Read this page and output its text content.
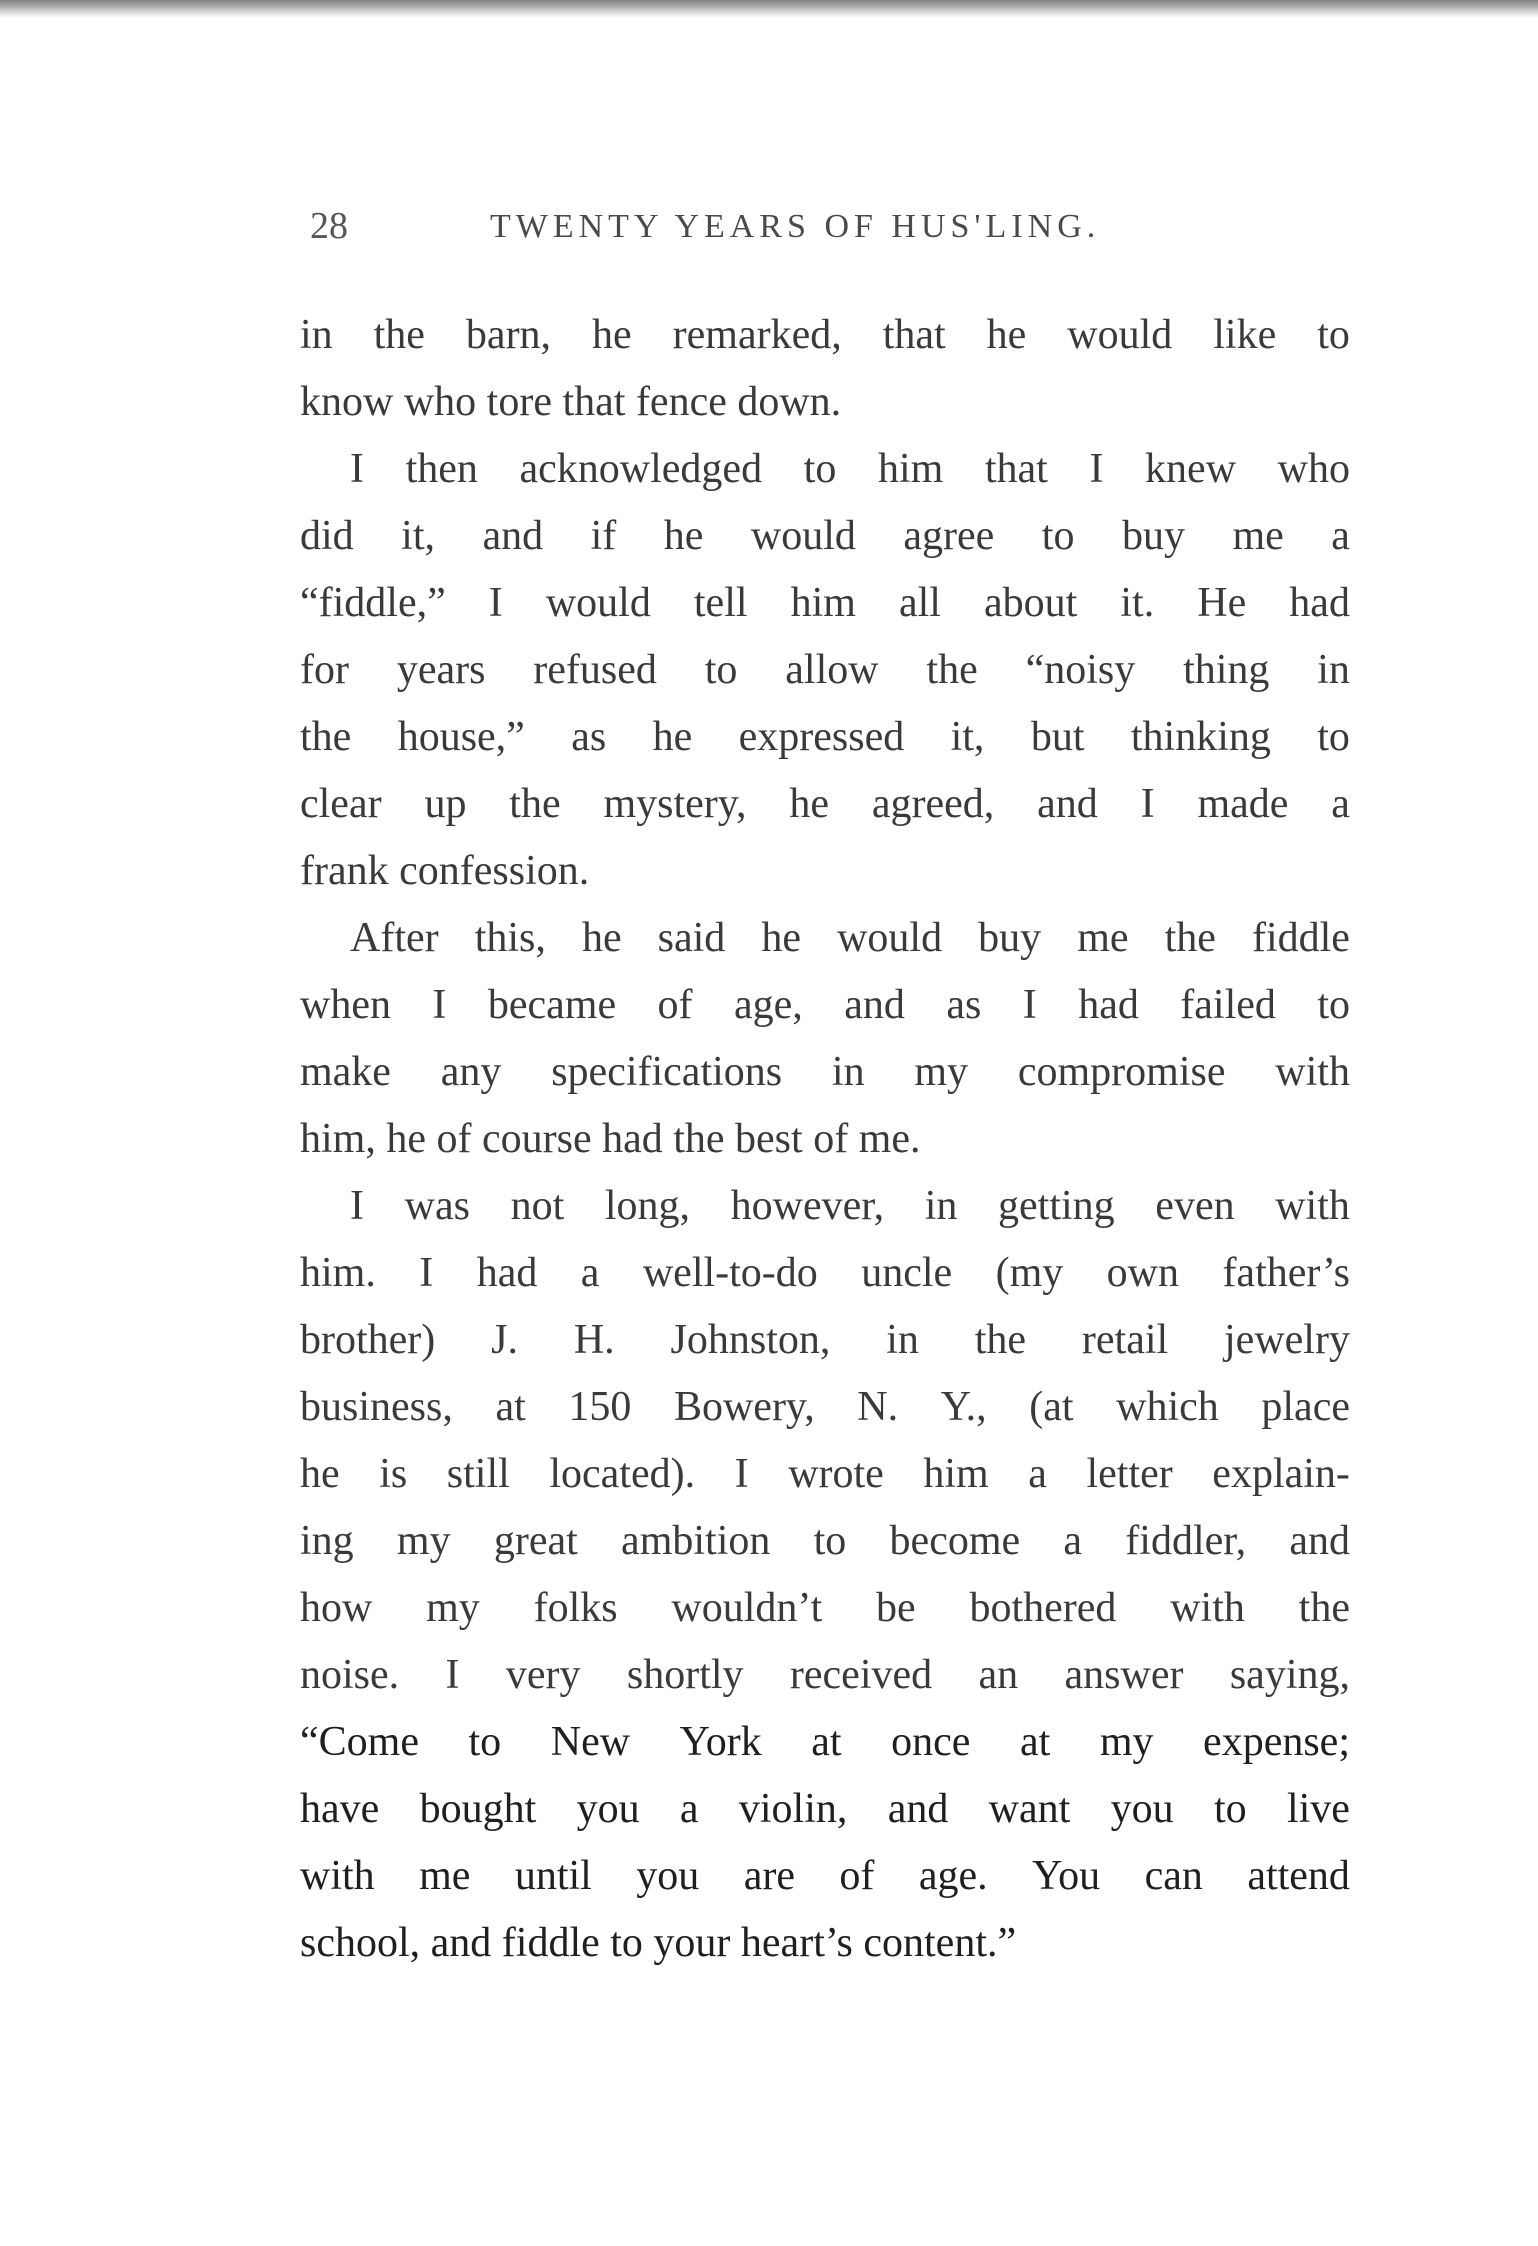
28	TWENTY YEARS OF HUS'LING.
in the barn, he remarked, that he would like to
know who tore that fence down.
I then acknowledged to him that I knew who
did it, and if he would agree to buy me a
“fiddle,” I would tell him all about it. He had
for years refused to allow the “noisy thing in
the house,” as he expressed it, but thinking to
clear up the mystery, he agreed, and I made a
frank confession.
After this, he said he would buy me the fiddle
when I became of age, and as I had failed to
make any specifications in my compromise with
him, he of course had the best of me.
I was not long, however, in getting even with
him. I had a well-to-do uncle (my own father’s
brother) J. H. Johnston, in the retail jewelry
business, at 150 Bowery, N. Y., (at which place
he is still located). I wrote him a letter explain-
ing my great ambition to become a fiddler, and
how my folks wouldn’t be bothered with the
noise. I very shortly received an answer saying,
“Come to New York at once at my expense;
have bought you a violin, and want you to live
with me until you are of age. You can attend
school, and fiddle to your heart’s content.”
